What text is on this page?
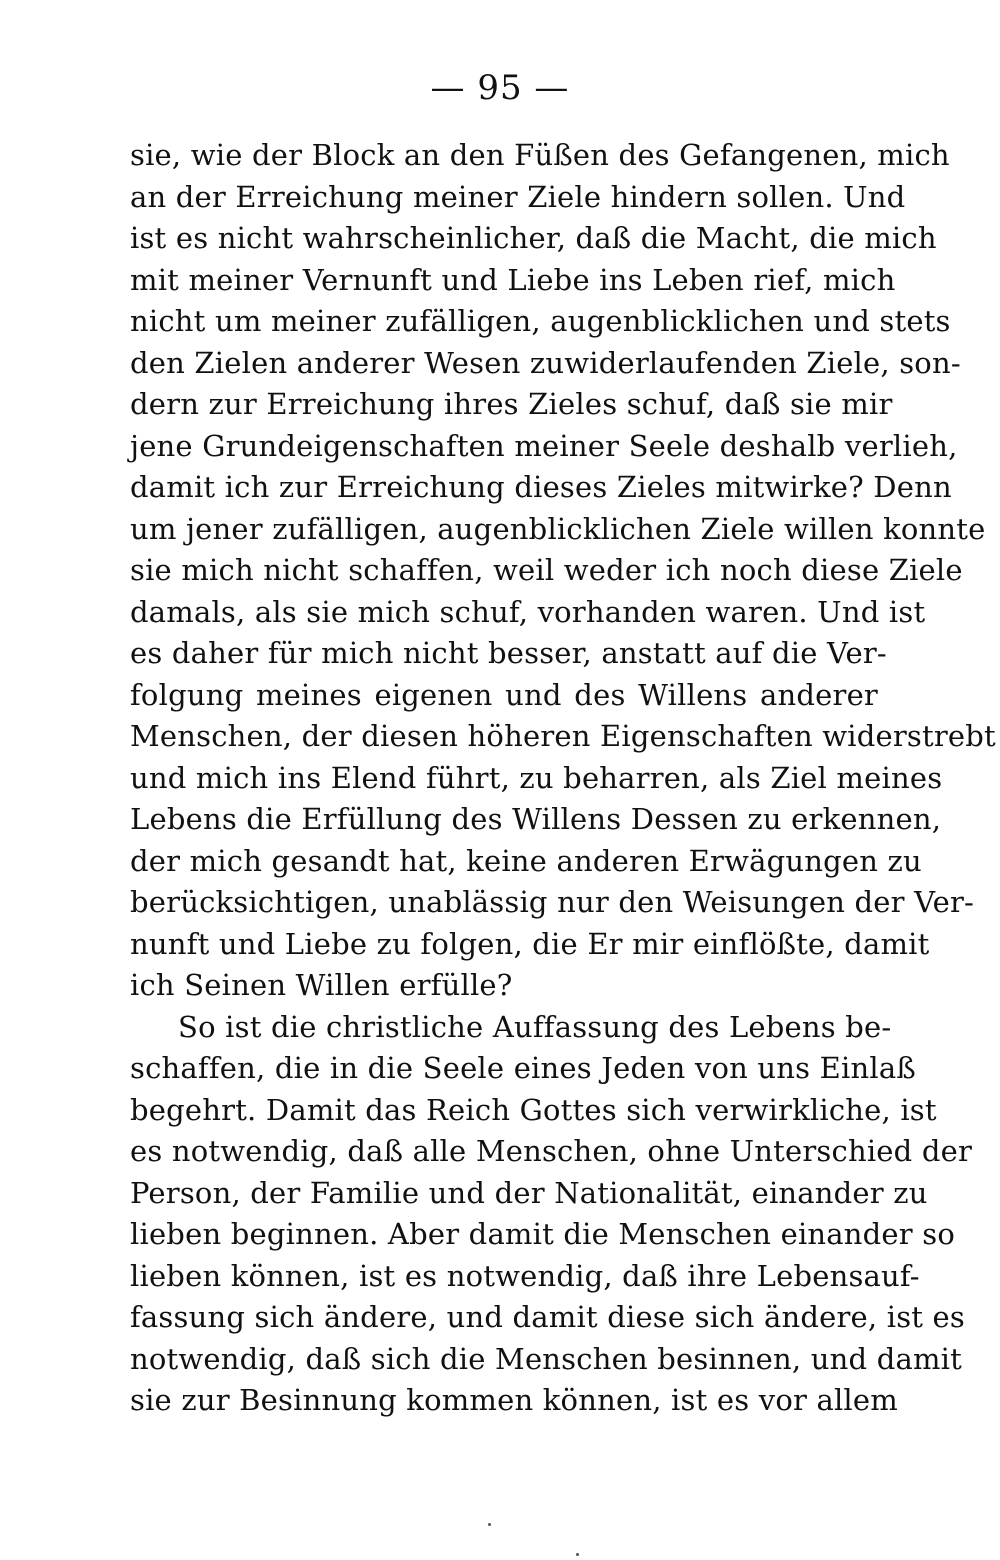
— 95 —
sie, wie der Block an den Füßen des Gefangenen, mich
an der Erreichung meiner Ziele hindern sollen. Und
ist es nicht wahrscheinlicher, daß die Macht, die mich
mit meiner Vernunft und Liebe ins Leben rief, mich
nicht um meiner zufälligen, augenblicklichen und stets
den Zielen anderer Wesen zuwiderlaufenden Ziele, son-
dern zur Erreichung ihres Zieles schuf, daß sie mir
jene Grundeigenschaften meiner Seele deshalb verlieh,
damit ich zur Erreichung dieses Zieles mitwirke? Denn
um jener zufälligen, augenblicklichen Ziele willen konnte
sie mich nicht schaffen, weil weder ich noch diese Ziele
damals, als sie mich schuf, vorhanden waren. Und ist
es daher für mich nicht besser, anstatt auf die Ver-
folgung meines eigenen und des Willens anderer
Menschen, der diesen höheren Eigenschaften widerstrebt
und mich ins Elend führt, zu beharren, als Ziel meines
Lebens die Erfüllung des Willens Dessen zu erkennen,
der mich gesandt hat, keine anderen Erwägungen zu
berücksichtigen, unablässig nur den Weisungen der Ver-
nunft und Liebe zu folgen, die Er mir einflößte, damit
ich Seinen Willen erfülle?
So ist die christliche Auffassung des Lebens be-
schaffen, die in die Seele eines Jeden von uns Einlaß
begehrt. Damit das Reich Gottes sich verwirkliche, ist
es notwendig, daß alle Menschen, ohne Unterschied der
Person, der Familie und der Nationalität, einander zu
lieben beginnen. Aber damit die Menschen einander so
lieben können, ist es notwendig, daß ihre Lebensauf-
fassung sich ändere, und damit diese sich ändere, ist es
notwendig, daß sich die Menschen besinnen, und damit
sie zur Besinnung kommen können, ist es vor allem
